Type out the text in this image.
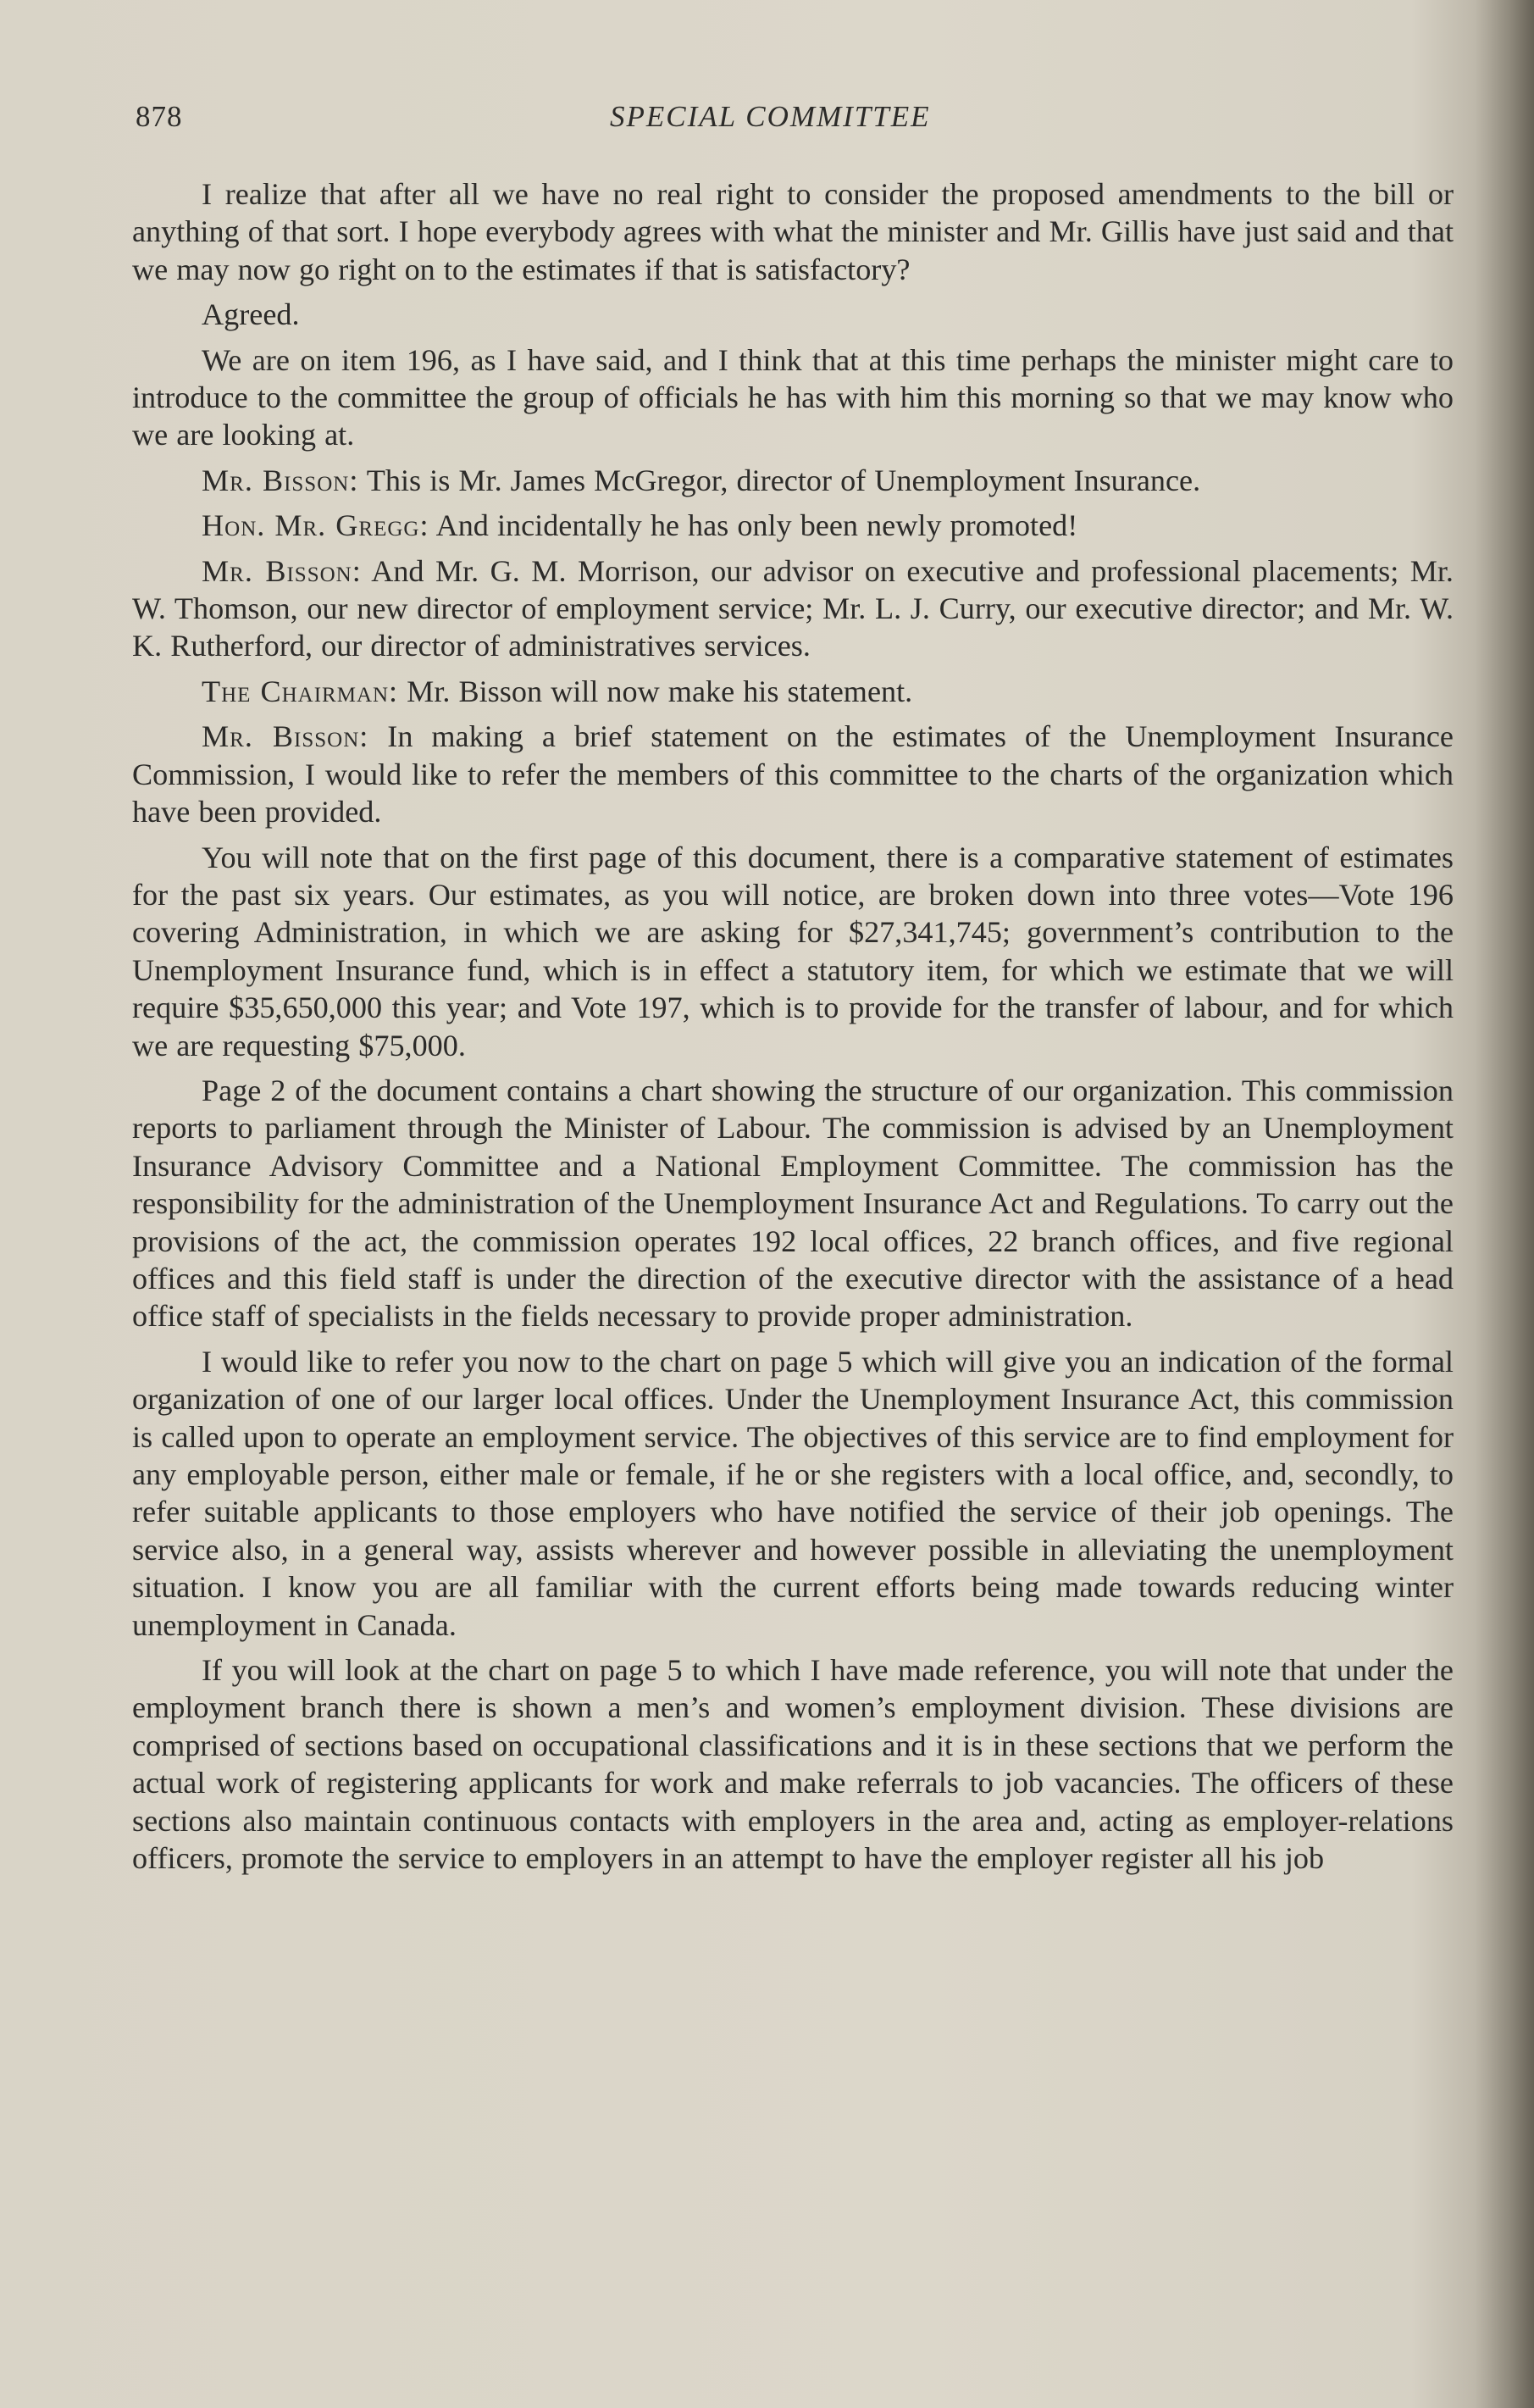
878	SPECIAL COMMITTEE

I realize that after all we have no real right to consider the proposed amendments to the bill or anything of that sort. I hope everybody agrees with what the minister and Mr. Gillis have just said and that we may now go right on to the estimates if that is satisfactory?

Agreed.

We are on item 196, as I have said, and I think that at this time perhaps the minister might care to introduce to the committee the group of officials he has with him this morning so that we may know who we are looking at.

Mr. Bisson: This is Mr. James McGregor, director of Unemployment Insurance.

Hon. Mr. Gregg: And incidentally he has only been newly promoted!

Mr. Bisson: And Mr. G. M. Morrison, our advisor on executive and professional placements; Mr. W. Thomson, our new director of employment service; Mr. L. J. Curry, our executive director; and Mr. W. K. Rutherford, our director of administratives services.

The Chairman: Mr. Bisson will now make his statement.

Mr. Bisson: In making a brief statement on the estimates of the Unemployment Insurance Commission, I would like to refer the members of this committee to the charts of the organization which have been provided.

You will note that on the first page of this document, there is a comparative statement of estimates for the past six years. Our estimates, as you will notice, are broken down into three votes—Vote 196 covering Administration, in which we are asking for $27,341,745; government’s contribution to the Unemployment Insurance fund, which is in effect a statutory item, for which we estimate that we will require $35,650,000 this year; and Vote 197, which is to provide for the transfer of labour, and for which we are requesting $75,000.

Page 2 of the document contains a chart showing the structure of our organization. This commission reports to parliament through the Minister of Labour. The commission is advised by an Unemployment Insurance Advisory Committee and a National Employment Committee. The commission has the responsibility for the administration of the Unemployment Insurance Act and Regulations. To carry out the provisions of the act, the commission operates 192 local offices, 22 branch offices, and five regional offices and this field staff is under the direction of the executive director with the assistance of a head office staff of specialists in the fields necessary to provide proper administration.

I would like to refer you now to the chart on page 5 which will give you an indication of the formal organization of one of our larger local offices. Under the Unemployment Insurance Act, this commission is called upon to operate an employment service. The objectives of this service are to find employment for any employable person, either male or female, if he or she registers with a local office, and, secondly, to refer suitable applicants to those employers who have notified the service of their job openings. The service also, in a general way, assists wherever and however possible in alleviating the unemployment situation. I know you are all familiar with the current efforts being made towards reducing winter unemployment in Canada.

If you will look at the chart on page 5 to which I have made reference, you will note that under the employment branch there is shown a men’s and women’s employment division. These divisions are comprised of sections based on occupational classifications and it is in these sections that we perform the actual work of registering applicants for work and make referrals to job vacancies. The officers of these sections also maintain continuous contacts with employers in the area and, acting as employer-relations officers, promote the service to employers in an attempt to have the employer register all his job
